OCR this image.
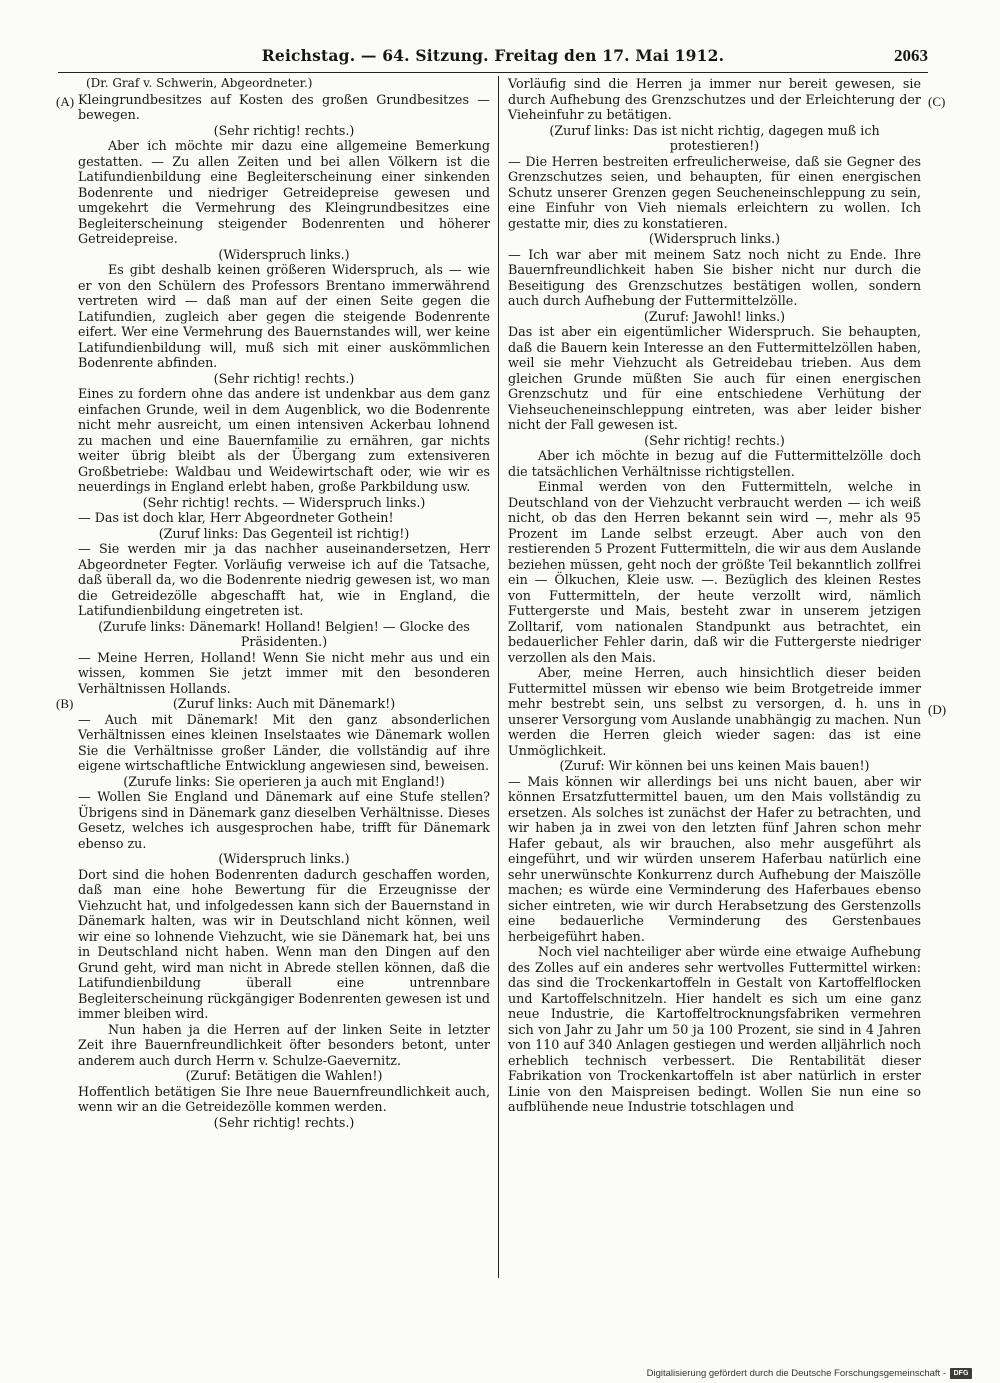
Reichstag. — 64. Sitzung. Freitag den 17. Mai 1912.	2063
(A)
(B)
(C)
(D)

(Dr. Graf v. Schwerin, Abgeordneter.)

Kleingrundbesitzes auf Kosten des großen Grundbesitzes — bewegen.

(Sehr richtig! rechts.)

Aber ich möchte mir dazu eine allgemeine Bemerkung gestatten. — Zu allen Zeiten und bei allen Völkern ist die Latifundienbildung eine Begleiterscheinung einer sinkenden Bodenrente und niedriger Getreidepreise gewesen und umgekehrt die Vermehrung des Kleingrundbesitzes eine Begleiterscheinung steigender Bodenrenten und höherer Getreidepreise.

(Widerspruch links.)

Es gibt deshalb keinen größeren Widerspruch, als — wie er von den Schülern des Professors Brentano immerwährend vertreten wird — daß man auf der einen Seite gegen die Latifundien, zugleich aber gegen die steigende Bodenrente eifert. Wer eine Vermehrung des Bauernstandes will, wer keine Latifundienbildung will, muß sich mit einer auskömmlichen Bodenrente abfinden.

(Sehr richtig! rechts.)

Eines zu fordern ohne das andere ist undenkbar aus dem ganz einfachen Grunde, weil in dem Augenblick, wo die Bodenrente nicht mehr ausreicht, um einen intensiven Ackerbau lohnend zu machen und eine Bauernfamilie zu ernähren, gar nichts weiter übrig bleibt als der Übergang zum extensiveren Großbetriebe: Waldbau und Weidewirtschaft oder, wie wir es neuerdings in England erlebt haben, große Parkbildung usw.

(Sehr richtig! rechts. — Widerspruch links.)

— Das ist doch klar, Herr Abgeordneter Gothein!

(Zuruf links: Das Gegenteil ist richtig!)

— Sie werden mir ja das nachher auseinandersetzen, Herr Abgeordneter Fegter. Vorläufig verweise ich auf die Tatsache, daß überall da, wo die Bodenrente niedrig gewesen ist, wo man die Getreidezölle abgeschafft hat, wie in England, die Latifundienbildung eingetreten ist.

(Zurufe links: Dänemark! Holland! Belgien! — Glocke des Präsidenten.)

— Meine Herren, Holland! Wenn Sie nicht mehr aus und ein wissen, kommen Sie jetzt immer mit den besonderen Verhältnissen Hollands.

(Zuruf links: Auch mit Dänemark!)

— Auch mit Dänemark! Mit den ganz absonderlichen Verhältnissen eines kleinen Inselstaates wie Dänemark wollen Sie die Verhältnisse großer Länder, die vollständig auf ihre eigene wirtschaftliche Entwicklung angewiesen sind, beweisen.

(Zurufe links: Sie operieren ja auch mit England!)

— Wollen Sie England und Dänemark auf eine Stufe stellen? Übrigens sind in Dänemark ganz dieselben Verhältnisse. Dieses Gesetz, welches ich ausgesprochen habe, trifft für Dänemark ebenso zu.

(Widerspruch links.)

Dort sind die hohen Bodenrenten dadurch geschaffen worden, daß man eine hohe Bewertung für die Erzeugnisse der Viehzucht hat, und infolgedessen kann sich der Bauernstand in Dänemark halten, was wir in Deutschland nicht können, weil wir eine so lohnende Viehzucht, wie sie Dänemark hat, bei uns in Deutschland nicht haben. Wenn man den Dingen auf den Grund geht, wird man nicht in Abrede stellen können, daß die Latifundienbildung überall eine untrennbare Begleiterscheinung rückgängiger Bodenrenten gewesen ist und immer bleiben wird.

Nun haben ja die Herren auf der linken Seite in letzter Zeit ihre Bauernfreundlichkeit öfter besonders betont, unter anderem auch durch Herrn v. Schulze-Gaevernitz.

(Zuruf: Betätigen die Wahlen!)

Hoffentlich betätigen Sie Ihre neue Bauernfreundlichkeit auch, wenn wir an die Getreidezölle kommen werden.

(Sehr richtig! rechts.)

Vorläufig sind die Herren ja immer nur bereit gewesen, sie durch Aufhebung des Grenzschutzes und der Erleichterung der Vieheinfuhr zu betätigen.

(Zuruf links: Das ist nicht richtig, dagegen muß ich protestieren!)

— Die Herren bestreiten erfreulicherweise, daß sie Gegner des Grenzschutzes seien, und behaupten, für einen energischen Schutz unserer Grenzen gegen Seucheneinschleppung zu sein, eine Einfuhr von Vieh niemals erleichtern zu wollen. Ich gestatte mir, dies zu konstatieren.

(Widerspruch links.)

— Ich war aber mit meinem Satz noch nicht zu Ende. Ihre Bauernfreundlichkeit haben Sie bisher nicht nur durch die Beseitigung des Grenzschutzes bestätigen wollen, sondern auch durch Aufhebung der Futtermittelzölle.

(Zuruf: Jawohl! links.)

Das ist aber ein eigentümlicher Widerspruch. Sie behaupten, daß die Bauern kein Interesse an den Futtermittelzöllen haben, weil sie mehr Viehzucht als Getreidebau trieben. Aus dem gleichen Grunde müßten Sie auch für einen energischen Grenzschutz und für eine entschiedene Verhütung der Viehseucheneinschleppung eintreten, was aber leider bisher nicht der Fall gewesen ist.

(Sehr richtig! rechts.)

Aber ich möchte in bezug auf die Futtermittelzölle doch die tatsächlichen Verhältnisse richtigstellen.

Einmal werden von den Futtermitteln, welche in Deutschland von der Viehzucht verbraucht werden — ich weiß nicht, ob das den Herren bekannt sein wird —, mehr als 95 Prozent im Lande selbst erzeugt. Aber auch von den restierenden 5 Prozent Futtermitteln, die wir aus dem Auslande beziehen müssen, geht noch der größte Teil bekanntlich zollfrei ein — Ölkuchen, Kleie usw. —. Bezüglich des kleinen Restes von Futtermitteln, der heute verzollt wird, nämlich Futtergerste und Mais, besteht zwar in unserem jetzigen Zolltarif, vom nationalen Standpunkt aus betrachtet, ein bedauerlicher Fehler darin, daß wir die Futtergerste niedriger verzollen als den Mais.

Aber, meine Herren, auch hinsichtlich dieser beiden Futtermittel müssen wir ebenso wie beim Brotgetreide immer mehr bestrebt sein, uns selbst zu versorgen, d. h. uns in unserer Versorgung vom Auslande unabhängig zu machen. Nun werden die Herren gleich wieder sagen: das ist eine Unmöglichkeit.

(Zuruf: Wir können bei uns keinen Mais bauen!)

— Mais können wir allerdings bei uns nicht bauen, aber wir können Ersatzfuttermittel bauen, um den Mais vollständig zu ersetzen. Als solches ist zunächst der Hafer zu betrachten, und wir haben ja in zwei von den letzten fünf Jahren schon mehr Hafer gebaut, als wir brauchen, also mehr ausgeführt als eingeführt, und wir würden unserem Haferbau natürlich eine sehr unerwünschte Konkurrenz durch Aufhebung der Maiszölle machen; es würde eine Verminderung des Haferbaues ebenso sicher eintreten, wie wir durch Herabsetzung des Gerstenzolls eine bedauerliche Verminderung des Gerstenbaues herbeigeführt haben.

Noch viel nachteiliger aber würde eine etwaige Aufhebung des Zolles auf ein anderes sehr wertvolles Futtermittel wirken: das sind die Trockenkartoffeln in Gestalt von Kartoffelflocken und Kartoffelschnitzeln. Hier handelt es sich um eine ganz neue Industrie, die Kartoffeltrocknungsfabriken vermehren sich von Jahr zu Jahr um 50 ja 100 Prozent, sie sind in 4 Jahren von 110 auf 340 Anlagen gestiegen und werden alljährlich noch erheblich technisch verbessert. Die Rentabilität dieser Fabrikation von Trockenkartoffeln ist aber natürlich in erster Linie von den Maispreisen bedingt. Wollen Sie nun eine so aufblühende neue Industrie totschlagen und

Digitalisierung gefördert durch die Deutsche Forschungsgemeinschaft -	DFG
